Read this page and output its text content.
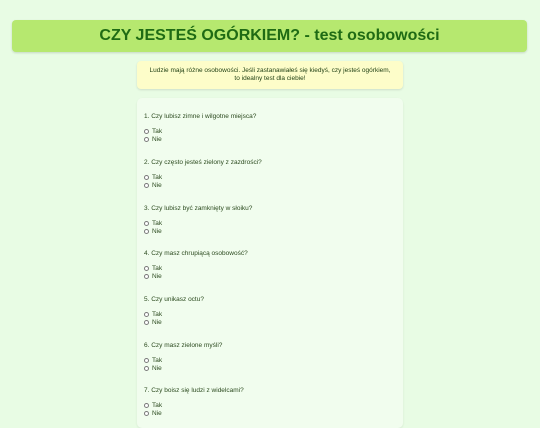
CZY JESTEŚ OGÓRKIEM? - test osobowości
Ludzie mają różne osobowości. Jeśli zastanawiałeś się kiedyś, czy jesteś ogórkiem, to idealny test dla ciebie!
1. Czy lubisz zimne i wilgotne miejsca?
Tak
Nie
2. Czy często jesteś zielony z zazdrości?
Tak
Nie
3. Czy lubisz być zamknięty w słoiku?
Tak
Nie
4. Czy masz chrupiącą osobowość?
Tak
Nie
5. Czy unikasz octu?
Tak
Nie
6. Czy masz zielone myśli?
Tak
Nie
7. Czy boisz się ludzi z widelcami?
Tak
Nie
